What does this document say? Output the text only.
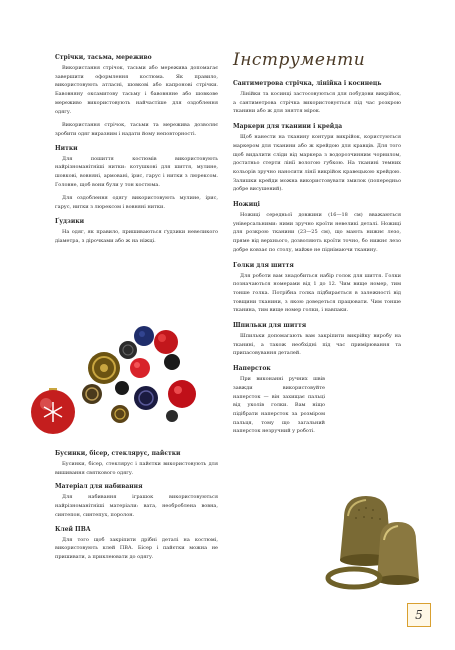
Стрічки, тасьма, мереживо

Використання стрічок, тасьми або мереживa допомагає завершити оформлення костюма. Як правило, використовують атласні, шовкові або капронові стрічки. Бавовняну оксамитову тасьму і бавовняне або шовкове мереживо використовують найчастіше для оздоблення одягу.

Використання стрічок, тасьми та мереживa дозволяє зробити одяг виразним і надати йому неповторності.

Нитки

Для пошиття костюмів використовують найрізноманітніші нитки: котушкові для шиття, мулине, шовкові, вовняні, армовані, ірис, гарус і нитки з люрексом. Головне, щоб вони були у тон костюма.

Для оздоблення одягу використовують мулине, ірис, гарус, нитки з люрексом і вовняні нитки.

Ґудзики

На одяг, як правило, пришиваються ґудзики невеликого діаметра, з дірочками або ж на ніжці.

Бусинки, бісер, стеклярус, пайєтки

Бусинки, бісер, стеклярус і пайєтки використовують для вишивання святкового одягу.

Матеріал для набивання

Для набивання іграшок використовуються найрізноманітніші матеріали: вата, необроблена вовна, синтепон, синтепух, поролон.

Клей ПВА

Для того щоб закріпити дрібні деталі на костюмі, використовують клей ПВА. Бісер і пайєтки можна не пришивати, а приклеювати до одягу.

Інструменти
Сантиметрова стрічка, лінійка і косинець

Лінійки та косинці застосовуються для побудови викрійок, а сантиметрова стрічка використовується під час розкрою тканини або ж для зняття мірок.

Маркери для тканини і крейда

Щоб нанести на тканину контури викрійок, користуються маркером для тканини або ж крейдою для кравців. Для того щоб видалити сліди від маркера з водорозчинним чорнилом, достатньо стерти лінії вологою губкою. На тканині темних кольорів зручно наносити лінії викрійок кравецькою крейдою. Залишки крейди можна використовувати змилок (попередньо добре висушений).

Ножиці

Ножиці середньої довжини (16—18 см) вважаються універсальними: ними зручно кроїти невеликі деталі. Ножиці для розкрою тканини (23—25 см), що мають нижнє лезо, пряме від верхнього, дозволяють кроїти точно, бо нижнє лезо добре ковзає по столу, майже не піднімаючи тканину.

Голки для шиття

Для роботи вам знадобиться набір голок для шиття. Голки позначаються номерами від 1 до 12. Чим вище номер, тим тонше голка. Потрібна голка підбирається в залежності від товщини тканини, з якою доведеться працювати. Чим тонше тканина, тим вище номер голки, і навпаки.

Шпильки для шиття

Шпильки допомагають вам закріпити викрійку виробу на тканині, а також необхідні під час примірювання та припасовування деталей.

Наперсток

При виконанні ручних швів завжди використовуйте наперсток — він захищає пальці від уколів голки. Вам ніщо підібрати наперсток за розміром пальця, тому що загальний наперсток незручний у роботі.

5
